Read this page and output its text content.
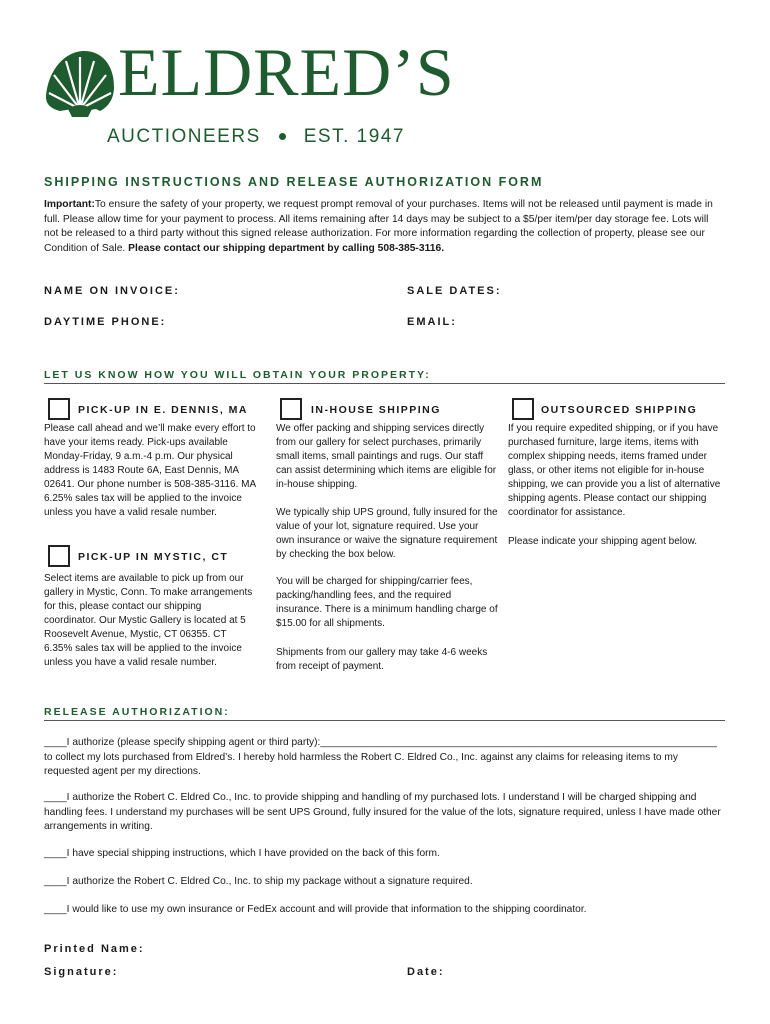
ELDRED’S
AUCTIONEERS EST. 1947
SHIPPING INSTRUCTIONS AND RELEASE AUTHORIZATION FORM
Important:To ensure the safety of your property, we request prompt removal of your purchases. Items will not be released until payment is made in full. Please allow time for your payment to process. All items remaining after 14 days may be subject to a $5/per item/per day storage fee. Lots will not be released to a third party without this signed release authorization. For more information regarding the collection of property, please see our Condition of Sale. Please contact our shipping department by calling 508-385-3116.
NAME ON INVOICE:	SALE DATES:
DAYTIME PHONE:	EMAIL:
LET US KNOW HOW YOU WILL OBTAIN YOUR PROPERTY:
PICK-UP IN E. DENNIS, MA
Please call ahead and we’ll make every effort to have your items ready. Pick-ups available Monday-Friday, 9 a.m.-4 p.m. Our physical address is 1483 Route 6A, East Dennis, MA 02641. Our phone number is 508-385-3116. MA 6.25% sales tax will be applied to the invoice unless you have a valid resale number.
PICK-UP IN MYSTIC, CT
Select items are available to pick up from our gallery in Mystic, Conn. To make arrangements for this, please contact our shipping coordinator. Our Mystic Gallery is located at 5 Roosevelt Avenue, Mystic, CT 06355. CT 6.35% sales tax will be applied to the invoice unless you have a valid resale number.
IN-HOUSE SHIPPING
We offer packing and shipping services directly from our gallery for select purchases, primarily small items, small paintings and rugs. Our staff can assist determining which items are eligible for in-house shipping.
We typically ship UPS ground, fully insured for the value of your lot, signature required. Use your own insurance or waive the signature requirement by checking the box below.
You will be charged for shipping/carrier fees, packing/handling fees, and the required insurance. There is a minimum handling charge of $15.00 for all shipments.
Shipments from our gallery may take 4-6 weeks from receipt of payment.
OUTSOURCED SHIPPING
If you require expedited shipping, or if you have purchased furniture, large items, items with complex shipping needs, items framed under glass, or other items not eligible for in-house shipping, we can provide you a list of alternative shipping agents. Please contact our shipping coordinator for assistance.
Please indicate your shipping agent below.
RELEASE AUTHORIZATION:
____I authorize (please specify shipping agent or third party):______________________________________________________________________ to collect my lots purchased from Eldred’s. I hereby hold harmless the Robert C. Eldred Co., Inc. against any claims for releasing items to my requested agent per my directions.
____I authorize the Robert C. Eldred Co., Inc. to provide shipping and handling of my purchased lots. I understand I will be charged shipping and handling fees. I understand my purchases will be sent UPS Ground, fully insured for the value of the lots, signature required, unless I have made other arrangements in writing.
____I have special shipping instructions, which I have provided on the back of this form.
____I authorize the Robert C. Eldred Co., Inc. to ship my package without a signature required.
____I would like to use my own insurance or FedEx account and will provide that information to the shipping coordinator.
Printed Name:
Signature:	Date:
